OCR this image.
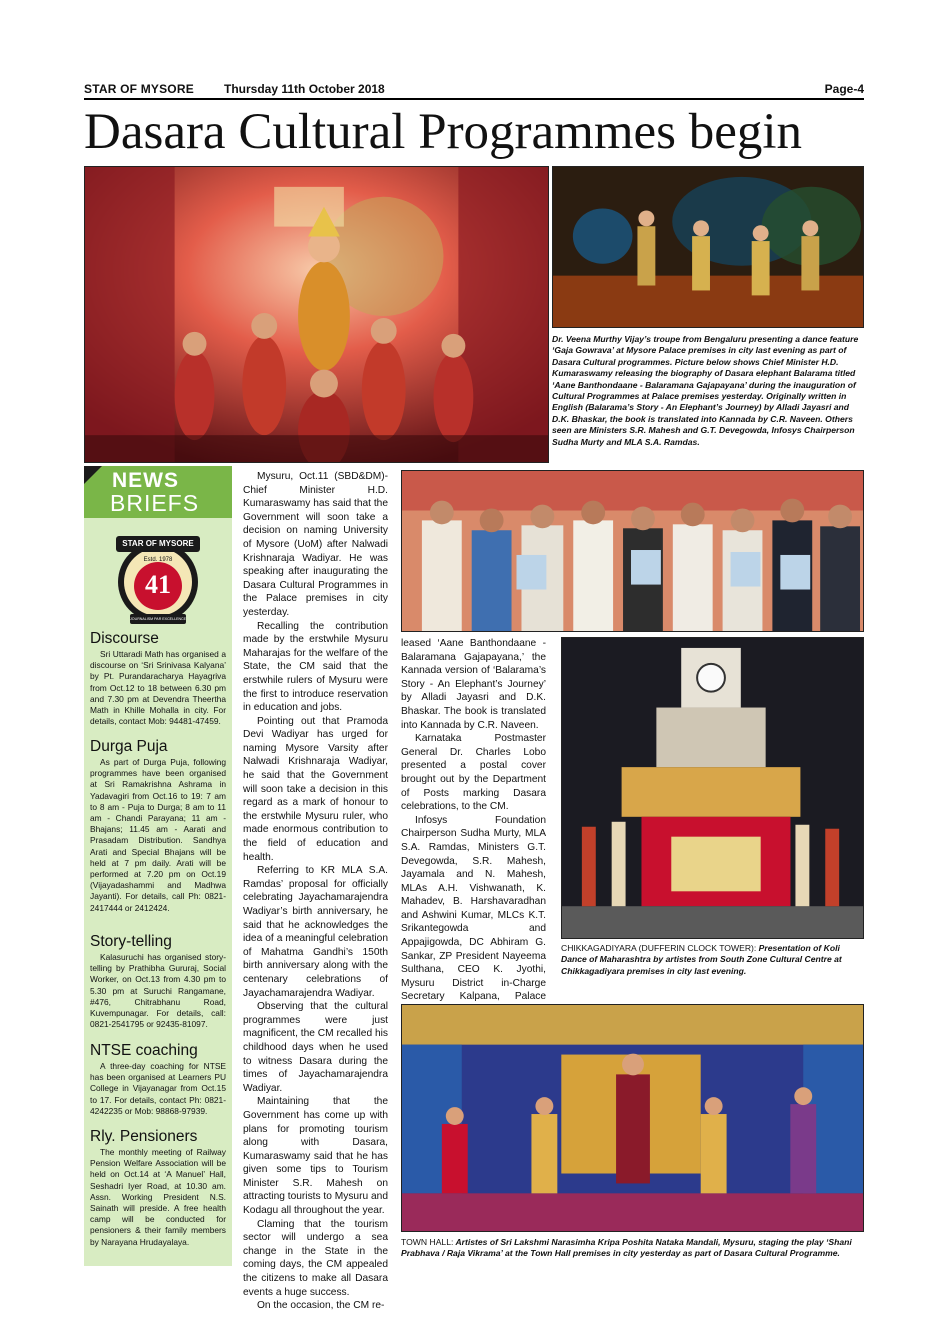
STAR OF MYSORE	Thursday 11th October 2018	Page-4
Dasara Cultural Programmes begin
Dr. Veena Murthy Vijay’s troupe from Bengaluru presenting a dance feature ‘Gaja Gowrava’ at Mysore Palace premises in city last evening as part of Dasara Cultural programmes. Picture below shows Chief Minister H.D. Kumaraswamy releasing the biography of Dasara elephant Balarama titled ‘Aane Banthondaane - Balaramana Gajapayana’ during the inauguration of Cultural Programmes at Palace premises yesterday. Originally written in English (Balarama’s Story - An Elephant’s Journey) by Alladi Jayasri and D.K. Bhaskar, the book is translated into Kannada by C.R. Naveen. Others seen are Ministers S.R. Mahesh and G.T. Devegowda, Infosys Chairperson Sudha Murty and MLA S.A. Ramdas.
NEWS
BRIEFS
STAR OF MYSORE
Estd. 1978
41
JOURNALISM PAR EXCELLENCE
Discourse
Sri Uttaradi Math has organised a discourse on ‘Sri Srinivasa Kalyana’ by Pt. Purandaracharya Hayagriva from Oct.12 to 18 between 6.30 pm and 7.30 pm at Devendra Theertha Math in Khille Mohalla in city. For details, contact Mob: 94481-47459.
Durga Puja
As part of Durga Puja, following programmes have been organised at Sri Ramakrishna Ashrama in Yadavagiri from Oct.16 to 19: 7 am to 8 am - Puja to Durga; 8 am to 11 am - Chandi Parayana; 11 am - Bhajans; 11.45 am - Aarati and Prasadam Distribution. Sandhya Arati and Special Bhajans will be held at 7 pm daily. Arati will be performed at 7.20 pm on Oct.19 (Vijayadashammi and Madhwa Jayanti). For details, call Ph: 0821-2417444 or 2412424.
Story-telling
Kalasuruchi has organised story-telling by Prathibha Gururaj, Social Worker, on Oct.13 from 4.30 pm to 5.30 pm at Suruchi Rangamane, #476, Chitrabhanu Road, Kuvempunagar. For details, call: 0821-2541795 or 92435-81097.
NTSE coaching
A three-day coaching for NTSE has been organised at Learners PU College in Vijayanagar from Oct.15 to 17. For details, contact Ph: 0821-4242235 or Mob: 98868-97939.
Rly. Pensioners
The monthly meeting of Railway Pension Welfare Association will be held on Oct.14 at ‘A Manuel’ Hall, Seshadri Iyer Road, at 10.30 am. Assn. Working President N.S. Sainath will preside. A free health camp will be conducted for pensioners & their family members by Narayana Hrudayalaya.

Mysuru, Oct.11 (SBD&DM)- Chief Minister H.D. Kumaraswamy has said that the Government will soon take a decision on naming University of Mysore (UoM) after Nalwadi Krishnaraja Wadiyar. He was speaking after inaugurating the Dasara Cultural Programmes in the Palace premises in city yesterday.

Recalling the contribution made by the erstwhile Mysuru Maharajas for the welfare of the State, the CM said that the erstwhile rulers of Mysuru were the first to introduce reservation in education and jobs.

Pointing out that Pramoda Devi Wadiyar has urged for naming Mysore Varsity after Nalwadi Krishnaraja Wadiyar, he said that the Government will soon take a decision in this regard as a mark of honour to the erstwhile Mysuru ruler, who made enormous contribution to the field of education and health.

Referring to KR MLA S.A. Ramdas’ proposal for officially celebrating Jayachamarajendra Wadiyar’s birth anniversary, he said that he acknowledges the idea of a meaningful celebration of Mahatma Gandhi’s 150th birth anniversary along with the centenary celebrations of Jayachamarajendra Wadiyar.

Observing that the cultural programmes were just magnificent, the CM recalled his childhood days when he used to witness Dasara during the times of Jayachamarajendra Wadiyar.

Maintaining that the Government has come up with plans for promoting tourism along with Dasara, Kumaraswamy said that he has given some tips to Tourism Minister S.R. Mahesh on attracting tourists to Mysuru and Kodagu all throughout the year.

Claming that the tourism sector will undergo a sea change in the State in the coming days, the CM appealed the citizens to make all Dasara events a huge success.

On the occasion, the CM re-

leased ‘Aane Banthondaane - Balaramana Gajapayana,’ the Kannada version of ‘Balarama’s Story - An Elephant’s Journey’ by Alladi Jayasri and D.K. Bhaskar. The book is translated into Kannada by C.R. Naveen.

Karnataka Postmaster General Dr. Charles Lobo presented a postal cover brought out by the Department of Posts marking Dasara celebrations, to the CM.

Infosys Foundation Chairperson Sudha Murty, MLA S.A. Ramdas, Ministers G.T. Devegowda, S.R. Mahesh, Jayamala and N. Mahesh, MLAs A.H. Vishwanath, K. Mahadev, B. Harshavaradhan and Ashwini Kumar, MLCs K.T. Srikantegowda and Appajigowda, DC Abhiram G. Sankar, ZP President Nayeema Sulthana, CEO K. Jyothi, Mysuru District in-Charge Secretary Kalpana, Palace

CHIKKAGADIYARA (DUFFERIN CLOCK TOWER): Presentation of Koli Dance of Maharashtra by artistes from South Zone Cultural Centre at Chikkagadiyara premises in city last evening.
TOWN HALL: Artistes of Sri Lakshmi Narasimha Kripa Poshita Nataka Mandali, Mysuru, staging the play ‘Shani Prabhava / Raja Vikrama’ at the Town Hall premises in city yesterday as part of Dasara Cultural Programme.
